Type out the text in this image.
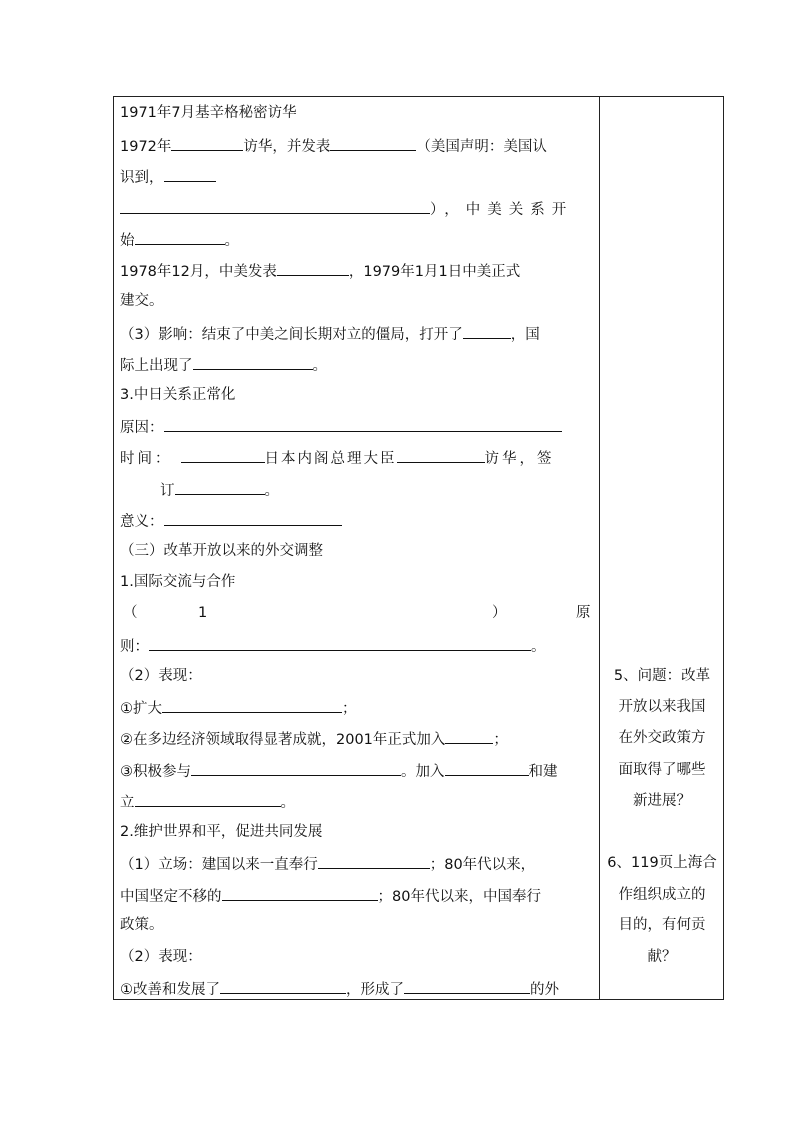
1971年7月基辛格秘密访华
1972年	访华，并发表	（美国声明：美国认
识到，
），中美关系开
始	。
1978年12月，中美发表	，1979年1月1日中美正式
建交。
（3）影响：结束了中美之间长期对立的僵局，打开了	，国
际上出现了	。
3.中日关系正常化
原因：
时间：	日本内阁总理大臣	访华，签
订	。
意义：
（三）改革开放以来的外交调整
1.国际交流与合作
（	1	）	原
则：	。
（2）表现：
①扩大	；
②在多边经济领域取得显著成就，2001年正式加入	；
③积极参与	。加入	和建
立	。
2.维护世界和平，促进共同发展
（1）立场：建国以来一直奉行	；80年代以来，
中国坚定不移的	；80年代以来，中国奉行
政策。
（2）表现：
①改善和发展了	，形成了	的外
5、问题：改革
开放以来我国
在外交政策方
面取得了哪些
新进展？
6、119页上海合
作组织成立的
目的，有何贡
献？
